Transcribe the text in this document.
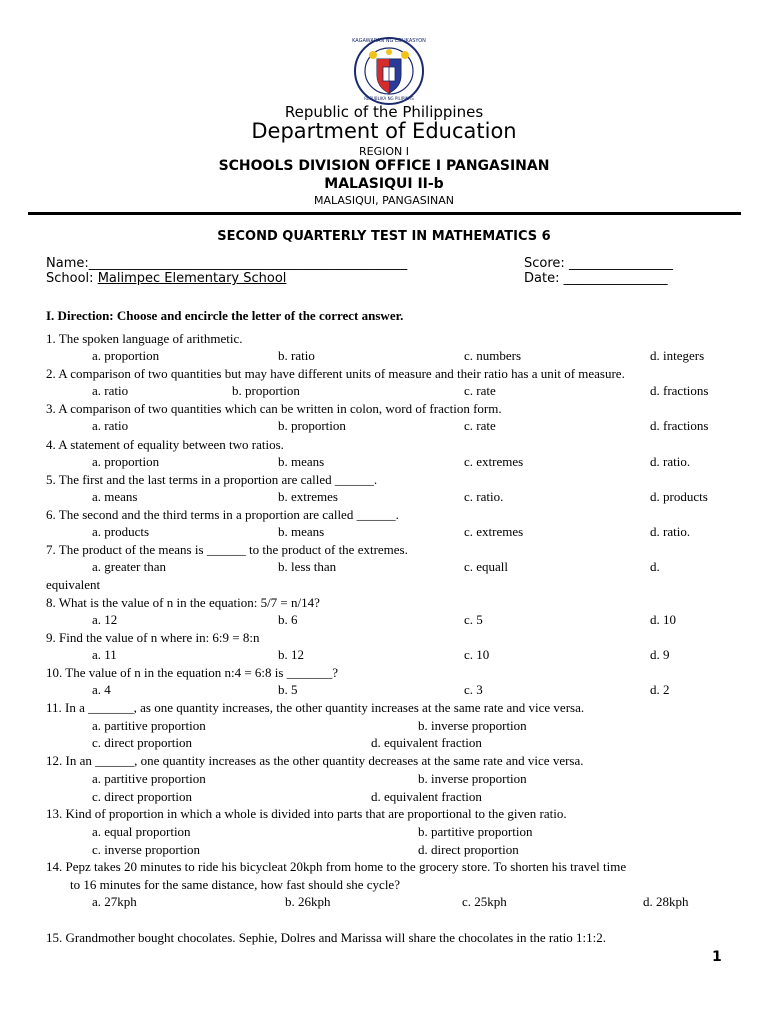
KAGAWARAN NG EDUKASYON
REPUBLIKA NG PILIPINAS
Republic of the Philippines
Department of Education
REGION I
SCHOOLS DIVISION OFFICE I PANGASINAN
MALASIQUI II-b
MALASIQUI, PANGASINAN
SECOND QUARTERLY TEST IN MATHEMATICS 6
Name:_________________________________________________	Score: ________________
School: Malimpec Elementary School	Date: ________________
I. Direction: Choose and encircle the letter of the correct answer.
1. The spoken language of arithmetic.
a. proportion	b. ratio	c. numbers	d. integers
2. A comparison of two quantities but may have different units of measure and their ratio has a unit of measure.
a. ratio	b. proportion	c. rate	d. fractions
3. A comparison of two quantities which can be written in colon, word of fraction form.
a. ratio	b. proportion	c. rate	d. fractions
4. A statement of equality between two ratios.
a. proportion	b. means	c. extremes	d. ratio.
5. The first and the last terms in a proportion are called ______.
a. means	b. extremes	c. ratio.	d. products
6. The second and the third terms in a proportion are called ______.
a. products	b. means	c. extremes	d. ratio.
7. The product of the means is ______ to the product of the extremes.
a. greater than	b. less than	c. equall	d.
equivalent
8. What is the value of n in the equation: 5/7 = n/14?
a. 12	b. 6	c. 5	d. 10
9. Find the value of n where in: 6:9 = 8:n
a. 11	b. 12	c. 10	d. 9
10. The value of n in the equation n:4 = 6:8 is _______?
a. 4	b. 5	c. 3	d. 2
11. In a _______, as one quantity increases, the other quantity increases at the same rate and vice versa.
a. partitive proportion	b. inverse proportion
c. direct proportion	d. equivalent fraction
12. In an ______, one quantity increases as the other quantity decreases at the same rate and vice versa.
a. partitive proportion	b. inverse proportion
c. direct proportion	d. equivalent fraction
13. Kind of proportion in which a whole is divided into parts that are proportional to the given ratio.
a. equal proportion	b. partitive proportion
c. inverse proportion	d. direct proportion
14. Pepz takes 20 minutes to ride his bicycleat 20kph from home to the grocery store. To shorten his travel time
to 16 minutes for the same distance, how fast should she cycle?
a. 27kph	b. 26kph	c. 25kph	d. 28kph
15. Grandmother bought chocolates. Sephie, Dolres and Marissa will share the chocolates in the ratio 1:1:2.
1
